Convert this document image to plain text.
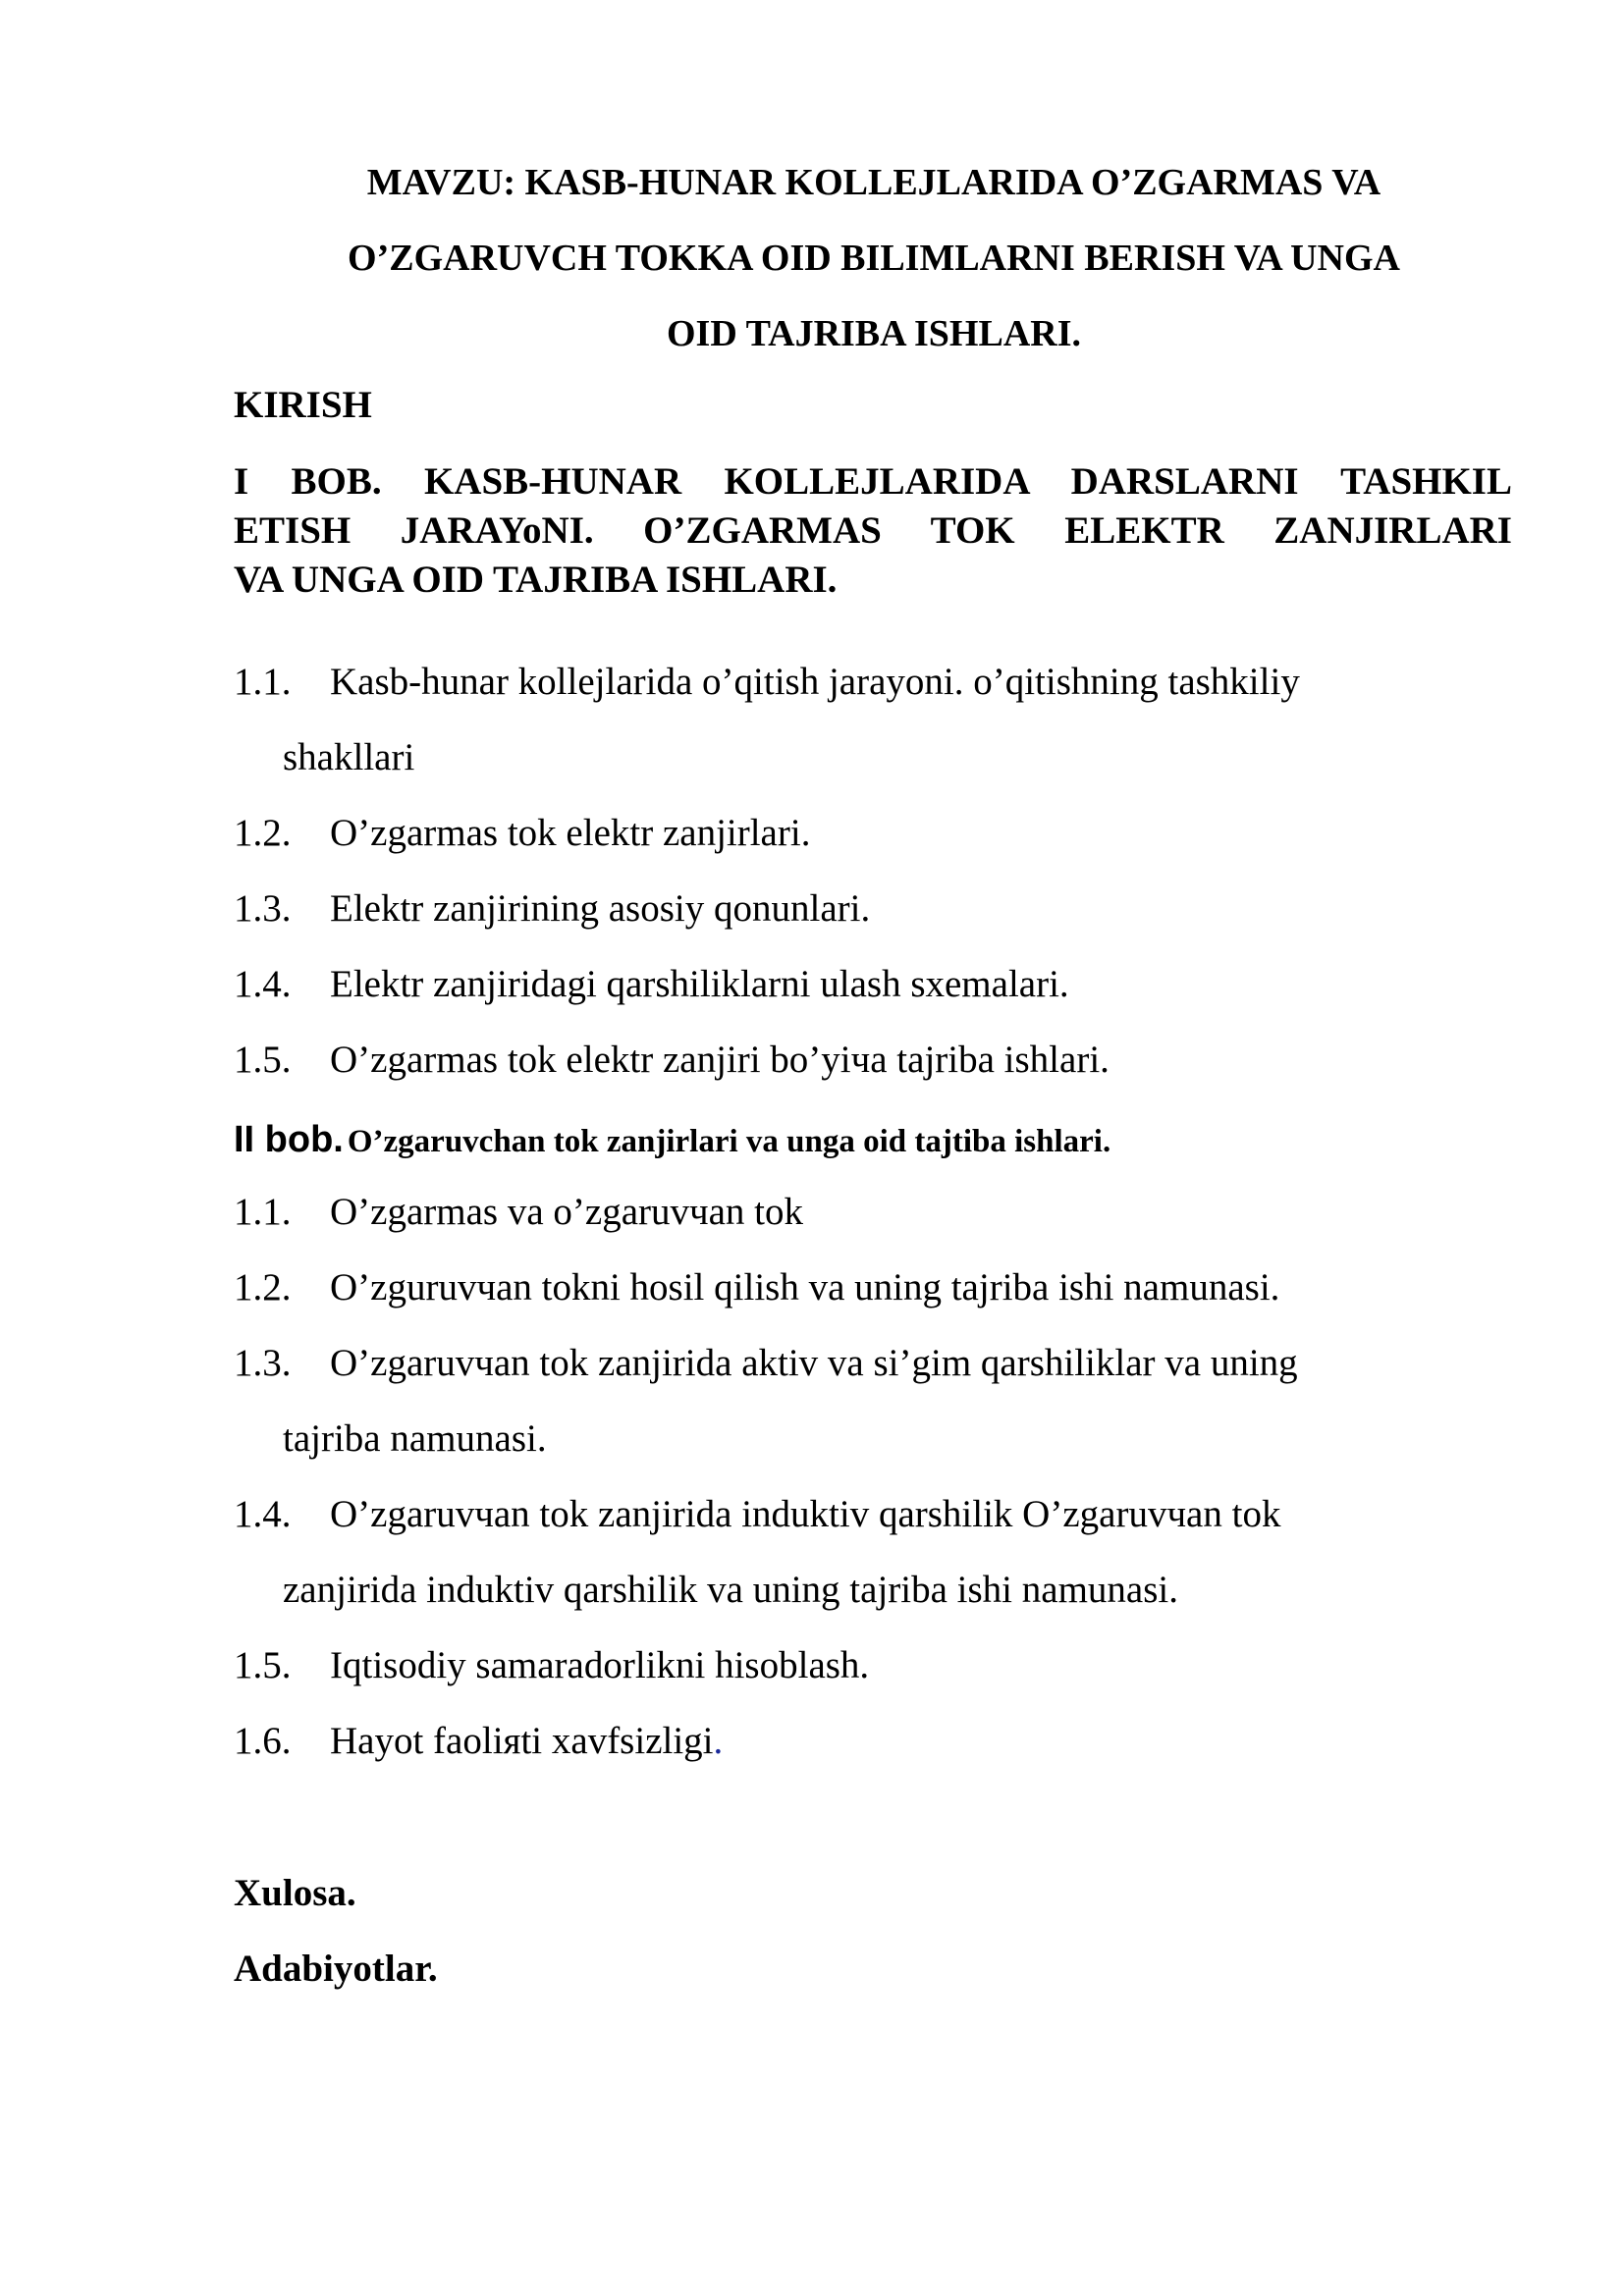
MAVZU: KASB-HUNAR KOLLEJLARIDA O’ZGARMAS VA
O’ZGARUVCH TOKKA OID BILIMLARNI BERISH VA UNGA
OID TAJRIBA ISHLARI.
KIRISH
I BOB. KASB-HUNAR KOLLEJLARIDA DARSLARNI TASHKIL
ETISH JARAYoNI. O’ZGARMAS TOK ELEKTR ZANJIRLARI
VA UNGA OID TAJRIBA ISHLARI.
1.1. Kasb-hunar kollejlarida o’qitish jarayoni. o’qitishning tashkiliy
shakllari
1.2. O’zgarmas tok elektr zanjirlari.
1.3. Elektr zanjirining asosiy qonunlari.
1.4. Elektr zanjiridagi qarshiliklarni ulash sxemalari.
1.5. O’zgarmas tok elektr zanjiri bo’yiчa tajriba ishlari.
II bob. O’zgaruvchan tok zanjirlari va unga oid tajtiba ishlari.
1.1. O’zgarmas va o’zgaruvчan tok
1.2. O’zguruvчan tokni hosil qilish va uning tajriba ishi namunasi.
1.3. O’zgaruvчan tok zanjirida aktiv va si’gim qarshiliklar va uning
tajriba namunasi.
1.4. O’zgaruvчan tok zanjirida induktiv qarshilik O’zgaruvчan tok
zanjirida induktiv qarshilik va uning tajriba ishi namunasi.
1.5. Iqtisodiy samaradorlikni hisoblash.
1.6. Hayot faoliяti xavfsizligi.
Xulosa.
Adabiyotlar.
